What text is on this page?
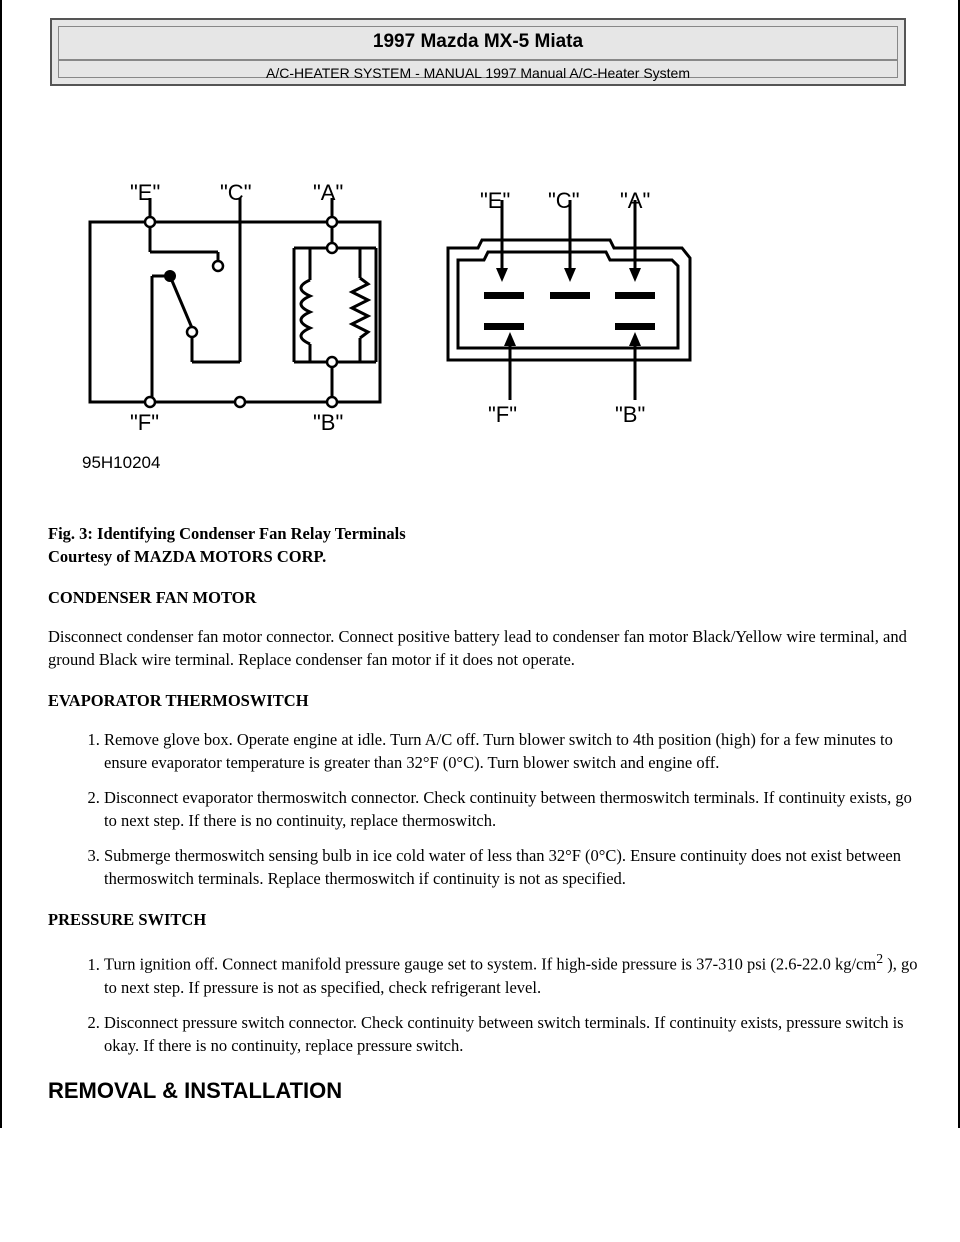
1997 Mazda MX-5 Miata
A/C-HEATER SYSTEM - MANUAL 1997 Manual A/C-Heater System
"E"	"C"	"A"
"F"	"B"
"E" "C" "A"
"F"	"B"
95H10204

Fig. 3: Identifying Condenser Fan Relay Terminals
Courtesy of MAZDA MOTORS CORP.

CONDENSER FAN MOTOR

Disconnect condenser fan motor connector. Connect positive battery lead to condenser fan motor Black/Yellow wire terminal, and ground Black wire terminal. Replace condenser fan motor if it does not operate.

EVAPORATOR THERMOSWITCH

1. Remove glove box. Operate engine at idle. Turn A/C off. Turn blower switch to 4th position (high) for a few minutes to ensure evaporator temperature is greater than 32°F (0°C). Turn blower switch and engine off.
2. Disconnect evaporator thermoswitch connector. Check continuity between thermoswitch terminals. If continuity exists, go to next step. If there is no continuity, replace thermoswitch.
3. Submerge thermoswitch sensing bulb in ice cold water of less than 32°F (0°C). Ensure continuity does not exist between thermoswitch terminals. Replace thermoswitch if continuity is not as specified.

PRESSURE SWITCH

1. Turn ignition off. Connect manifold pressure gauge set to system. If high-side pressure is 37-310 psi (2.6-22.0 $kg/cm^2$ ), go to next step. If pressure is not as specified, check refrigerant level.
2. Disconnect pressure switch connector. Check continuity between switch terminals. If continuity exists, pressure switch is okay. If there is no continuity, replace pressure switch.

REMOVAL & INSTALLATION
